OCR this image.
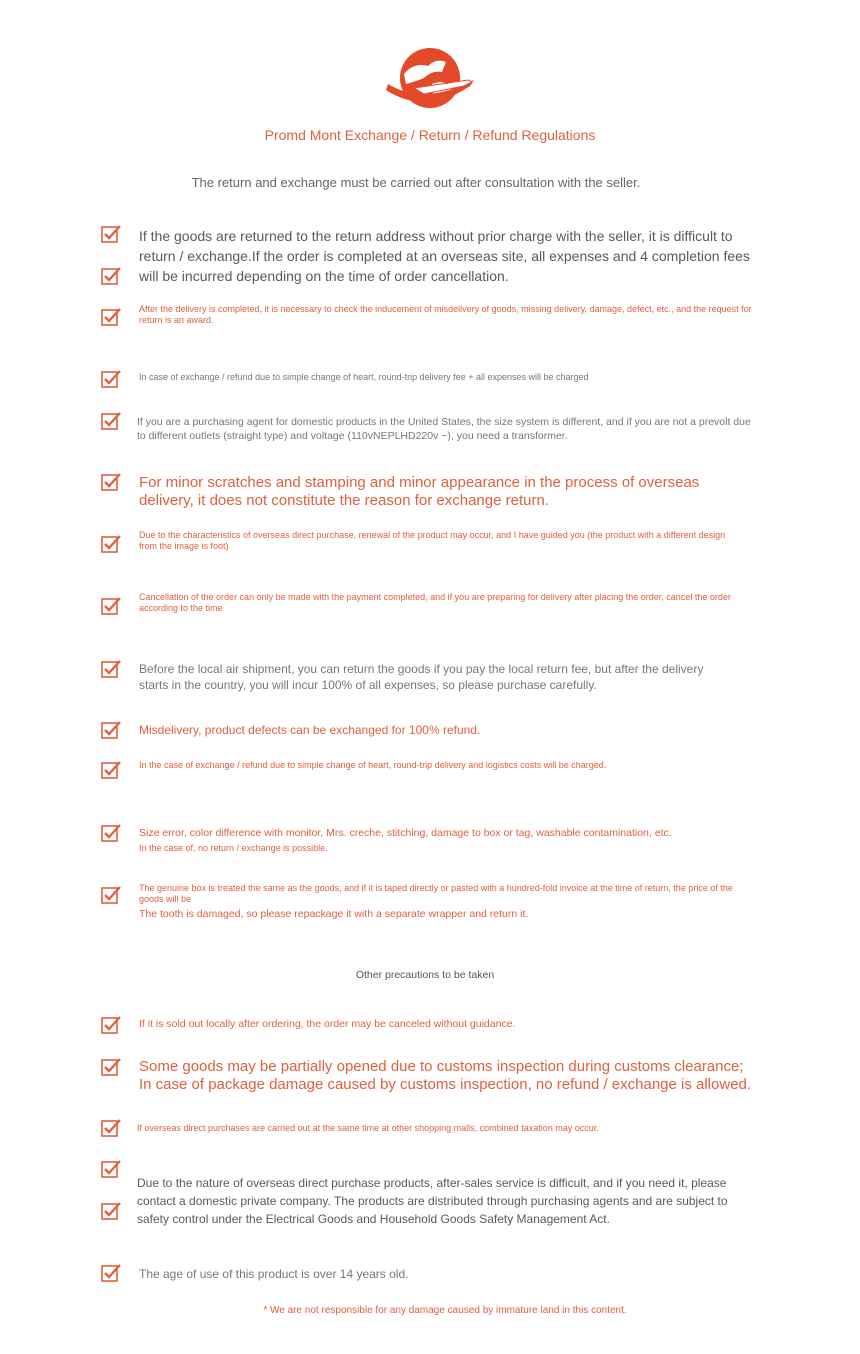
Promd Mont Exchange / Return / Refund Regulations
The return and exchange must be carried out after consultation with the seller.

If the goods are returned to the return address without prior charge with the seller, it is difficult to return / exchange.If the order is completed at an overseas site, all expenses and 4 completion fees will be incurred depending on the time of order cancellation.

After the delivery is completed, it is necessary to check the inducement of misdelivery of goods, missing delivery, damage, defect, etc., and the request for return is an award.

In case of exchange / refund due to simple change of heart, round-trip delivery fee + all expenses will be charged

If you are a purchasing agent for domestic products in the United States, the size system is different, and if you are not a prevolt due to different outlets (straight type) and voltage (110vNEPLHD220v ~), you need a transformer.

For minor scratches and stamping and minor appearance in the process of overseas delivery, it does not constitute the reason for exchange return.

Due to the characteristics of overseas direct purchase, renewal of the product may occur, and I have guided you (the product with a different design from the image is foot)

Cancellation of the order can only be made with the payment completed, and if you are preparing for delivery after placing the order, cancel the order according to the time

Before the local air shipment, you can return the goods if you pay the local return fee, but after the delivery starts in the country, you will incur 100% of all expenses, so please purchase carefully.

Misdelivery, product defects can be exchanged for 100% refund.

In the case of exchange / refund due to simple change of heart, round-trip delivery and logistics costs will be charged.

Size error, color difference with monitor, Mrs. creche, stitching, damage to box or tag, washable contamination, etc.
In the case of, no return / exchange is possible.
The genuine box is treated the same as the goods, and if it is taped directly or pasted with a hundred-fold invoice at the time of return, the price of the goods will be
The tooth is damaged, so please repackage it with a separate wrapper and return it.
Other precautions to be taken

If it is sold out locally after ordering, the order may be canceled without guidance.

Some goods may be partially opened due to customs inspection during customs clearance; In case of package damage caused by customs inspection, no refund / exchange is allowed.

If overseas direct purchases are carried out at the same time at other shopping malls, combined taxation may occur.

Due to the nature of overseas direct purchase products, after-sales service is difficult, and if you need it, please contact a domestic private company. The products are distributed through purchasing agents and are subject to safety control under the Electrical Goods and Household Goods Safety Management Act.

The age of use of this product is over 14 years old.

* We are not responsible for any damage caused by immature land in this content.
